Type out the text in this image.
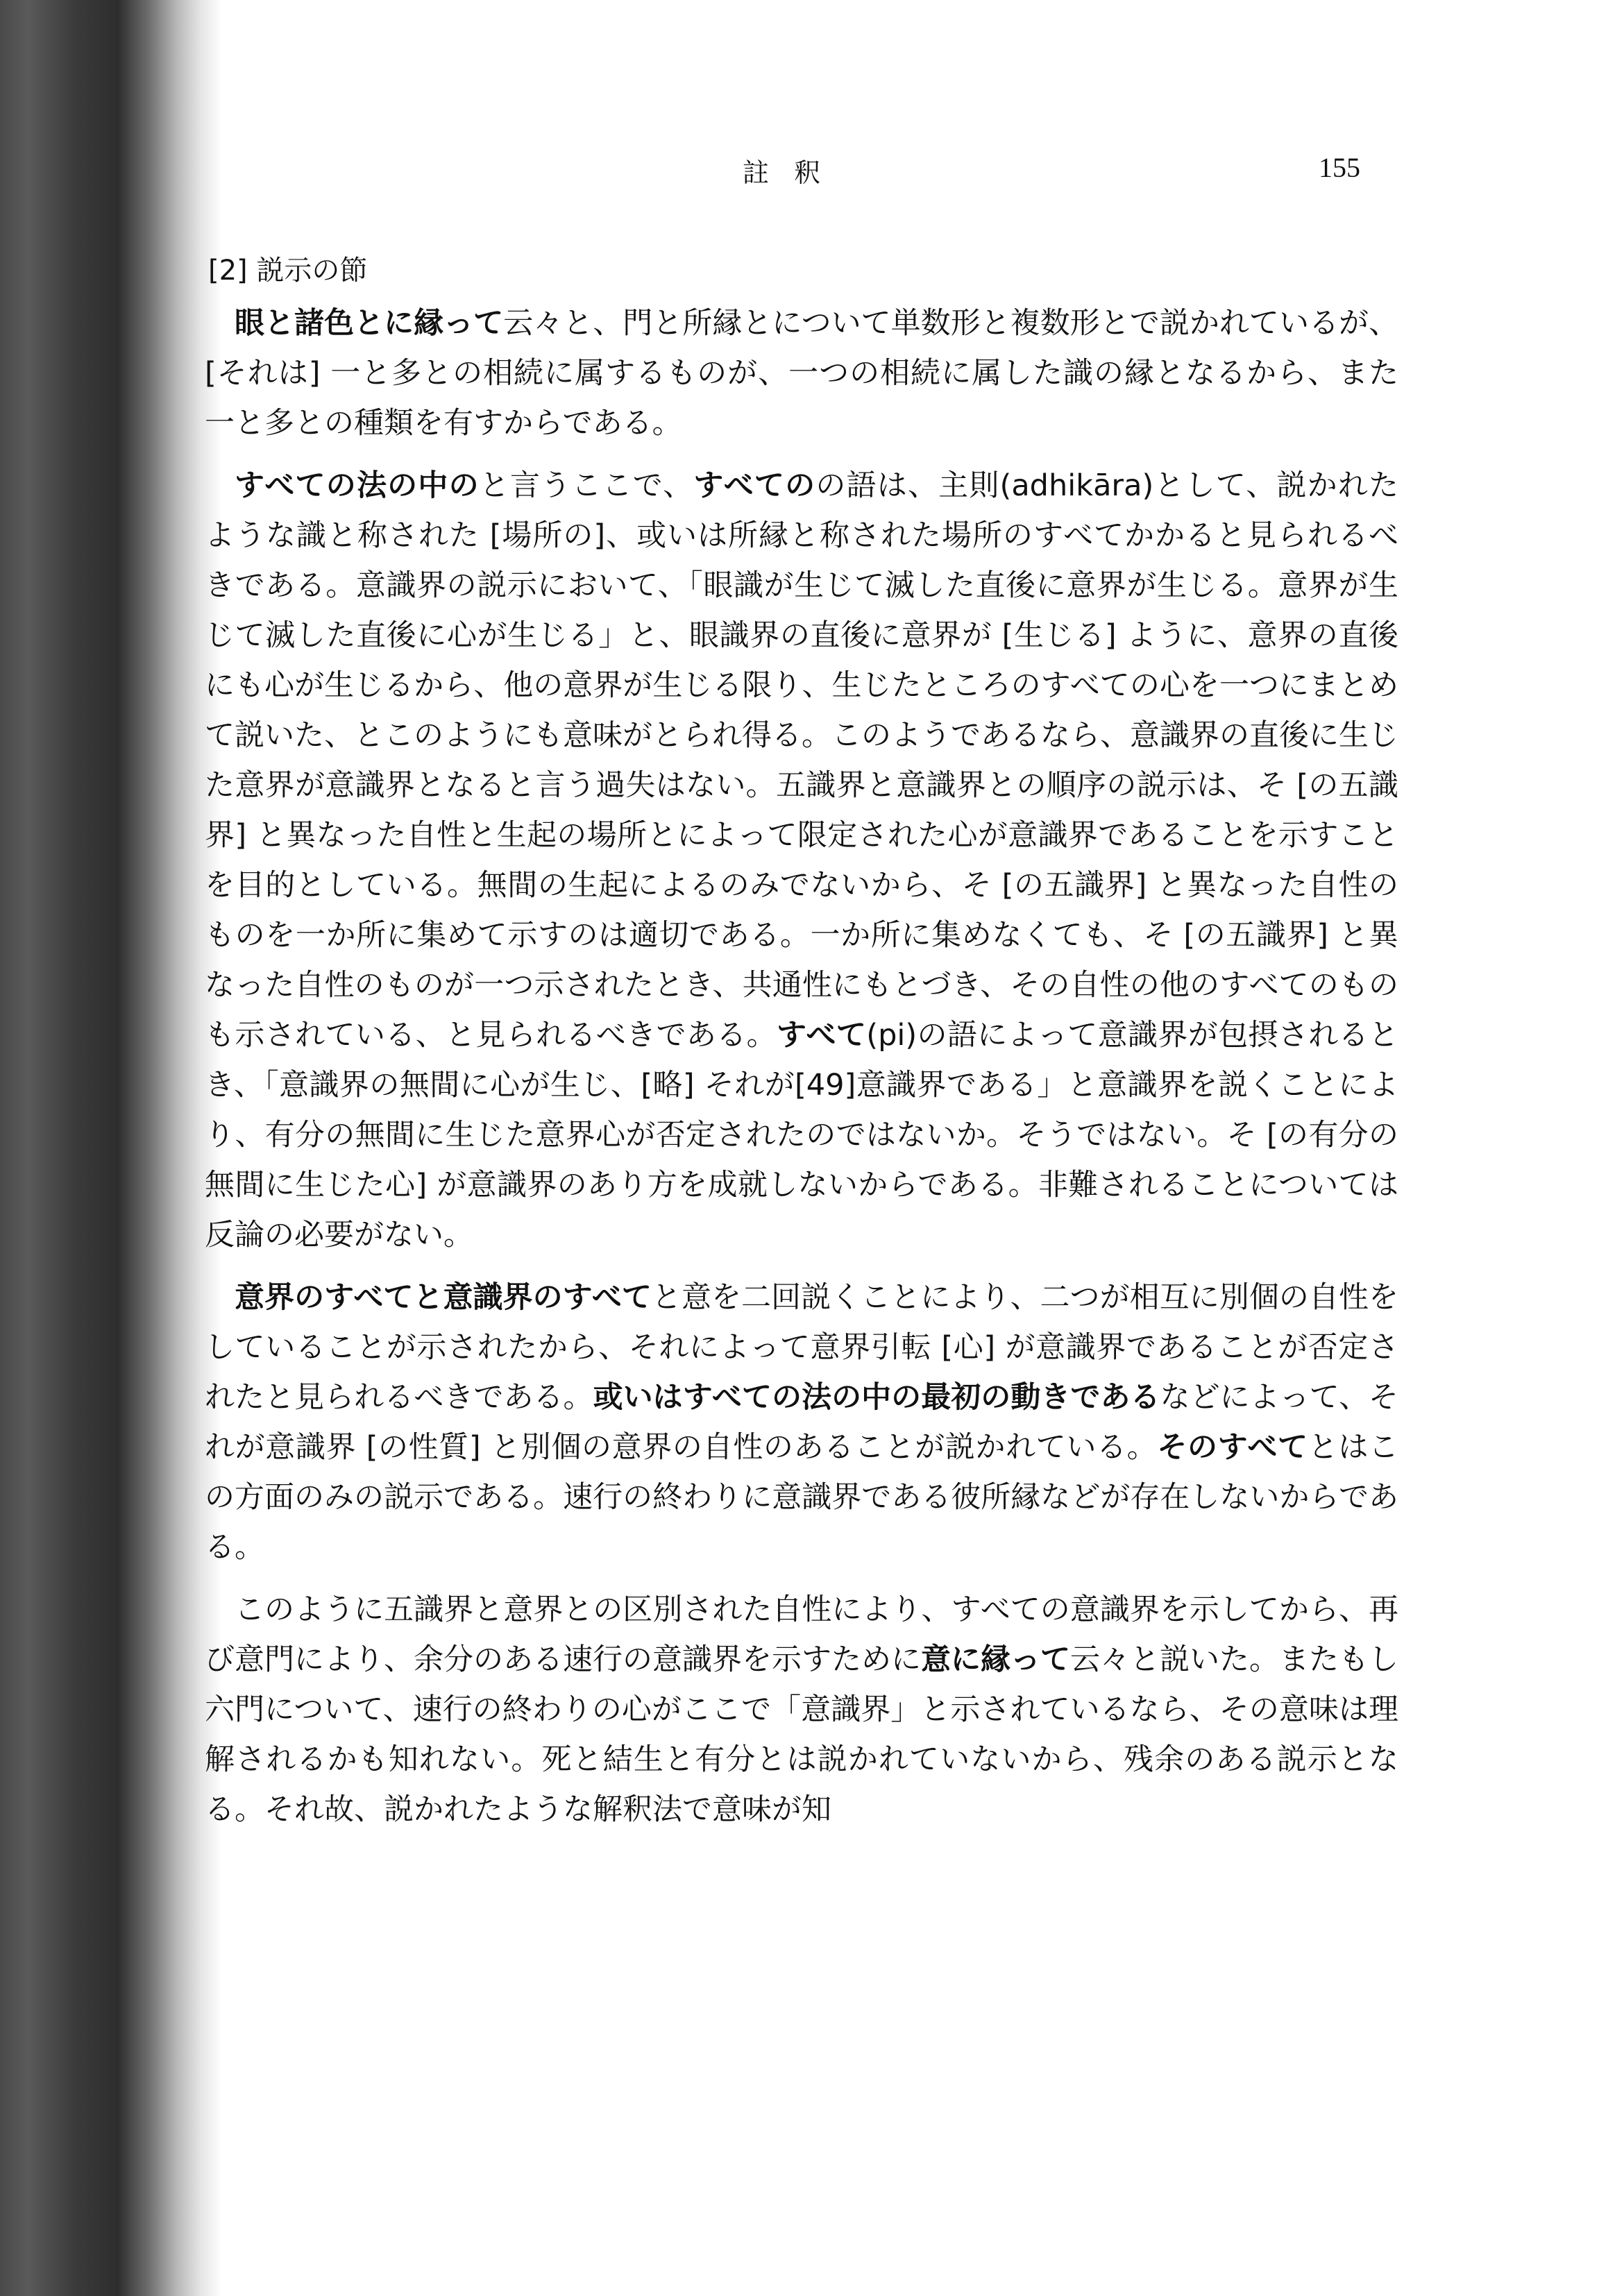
註釈	155
[2] 説示の節

眼と諸色とに縁って云々と、門と所縁とについて単数形と複数形とで説かれているが、[それは] 一と多との相続に属するものが、一つの相続に属した識の縁となるから、また一と多との種類を有すからである。

すべての法の中のと言うここで、すべてのの語は、主則(adhikāra)として、説かれたような識と称された [場所の]、或いは所縁と称された場所のすべてかかると見られるべきである。意識界の説示において、「眼識が生じて滅した直後に意界が生じる。意界が生じて滅した直後に心が生じる」と、眼識界の直後に意界が [生じる] ように、意界の直後にも心が生じるから、他の意界が生じる限り、生じたところのすべての心を一つにまとめて説いた、とこのようにも意味がとられ得る。このようであるなら、意識界の直後に生じた意界が意識界となると言う過失はない。五識界と意識界との順序の説示は、そ [の五識界] と異なった自性と生起の場所とによって限定された心が意識界であることを示すことを目的としている。無間の生起によるのみでないから、そ [の五識界] と異なった自性のものを一か所に集めて示すのは適切である。一か所に集めなくても、そ [の五識界] と異なった自性のものが一つ示されたとき、共通性にもとづき、その自性の他のすべてのものも示されている、と見られるべきである。すべて(pi)の語によって意識界が包摂されるとき、「意識界の無間に心が生じ、[略] それが[49]意識界である」と意識界を説くことにより、有分の無間に生じた意界心が否定されたのではないか。そうではない。そ [の有分の無間に生じた心] が意識界のあり方を成就しないからである。非難されることについては反論の必要がない。

意界のすべてと意識界のすべてと意を二回説くことにより、二つが相互に別個の自性をしていることが示されたから、それによって意界引転 [心] が意識界であることが否定されたと見られるべきである。或いはすべての法の中の最初の動きであるなどによって、それが意識界 [の性質] と別個の意界の自性のあることが説かれている。そのすべてとはこの方面のみの説示である。速行の終わりに意識界である彼所縁などが存在しないからである。

このように五識界と意界との区別された自性により、すべての意識界を示してから、再び意門により、余分のある速行の意識界を示すために意に縁って云々と説いた。またもし六門について、速行の終わりの心がここで「意識界」と示されているなら、その意味は理解されるかも知れない。死と結生と有分とは説かれていないから、残余のある説示となる。それ故、説かれたような解釈法で意味が知
